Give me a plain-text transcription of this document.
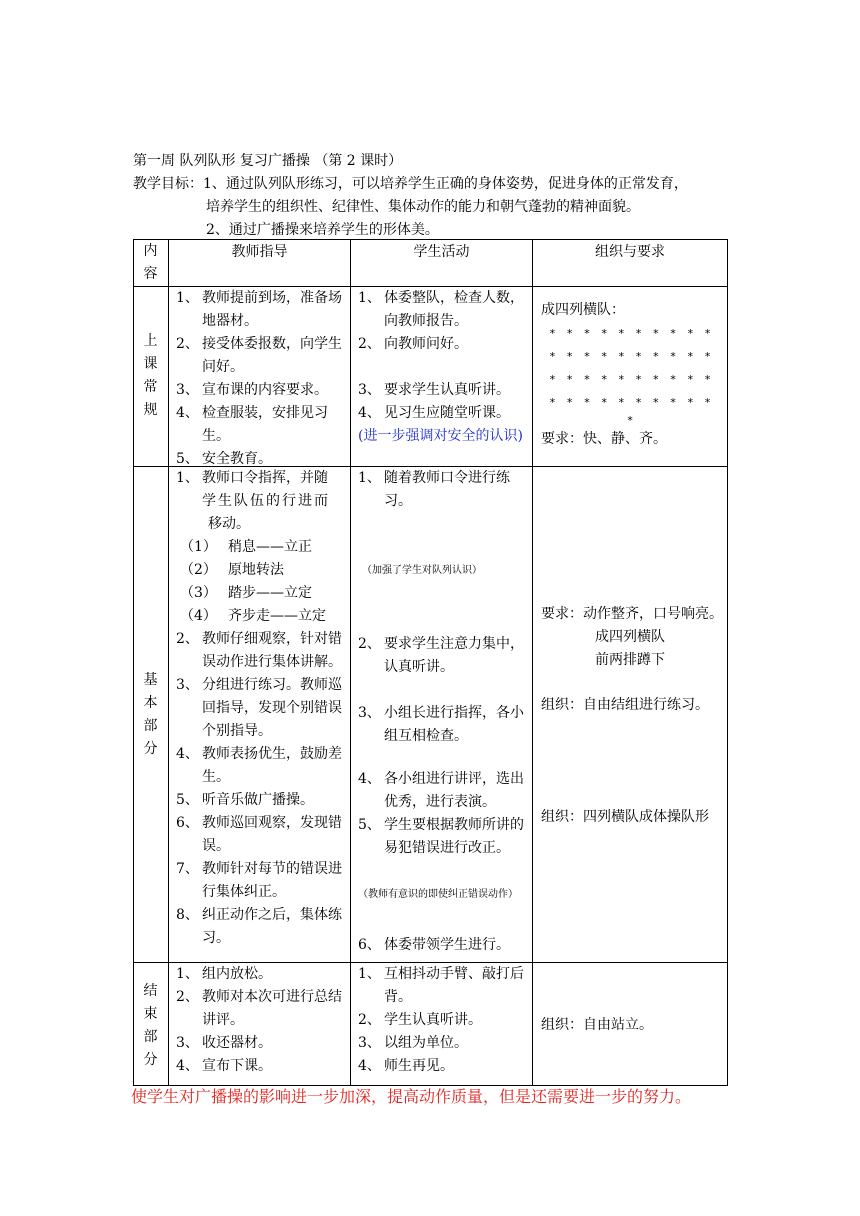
第一周 队列队形 复习广播操 （第 2 课时）
教学目标： 1、通过队列队形练习，可以培养学生正确的身体姿势，促进身体的正常发育，
培养学生的组织性、纪律性、集体动作的能力和朝气蓬勃的精神面貌。
2、通过广播操来培养学生的形体美。
内
容
教师指导	学生活动	组织与要求
上
课
常
规
1、 教师提前到场，准备场地器材。
2、 接受体委报数，向学生问好。
3、 宣布课的内容要求。
4、 检查服装，安排见习生。
5、 安全教育。
1、 体委整队，检查人数，向教师报告。
2、 向教师问好。
3、 要求学生认真听讲。
4、 见习生应随堂听课。
(进一步强调对安全的认识)
成四列横队：
* * * * * * * * * *
* * * * * * * * * *
* * * * * * * * * *
* * * * * * * * * *
*
要求：快、静、齐。
基
本
部
分
1、 教师口令指挥，并随
学生队伍的行进而
移动。
（1） 稍息——立正
（2） 原地转法
（3） 踏步——立定
（4） 齐步走——立定
2、 教师仔细观察，针对错误动作进行集体讲解。
3、 分组进行练习。教师巡回指导，发现个别错误个别指导。
4、 教师表扬优生，鼓励差生。
5、 听音乐做广播操。
6、 教师巡回观察，发现错误。
7、 教师针对每节的错误进行集体纠正。
8、 纠正动作之后，集体练习。
1、 随着教师口令进行练习。
（加强了学生对队列认识）
2、 要求学生注意力集中，认真听讲。
3、 小组长进行指挥，各小组互相检查。
4、 各小组进行讲评，选出优秀，进行表演。
5、 学生要根据教师所讲的易犯错误进行改正。
（教师有意识的即使纠正错误动作）
6、 体委带领学生进行。
要求：动作整齐，口号响亮。
成四列横队
前两排蹲下
组织：自由结组进行练习。
组织：四列横队成体操队形
结
束
部
分
1、 组内放松。
2、 教师对本次可进行总结讲评。
3、 收还器材。
4、 宣布下课。
1、 互相抖动手臂、敲打后背。
2、 学生认真听讲。
3、 以组为单位。
4、 师生再见。
组织：自由站立。
使学生对广播操的影响进一步加深，提高动作质量，但是还需要进一步的努力。
